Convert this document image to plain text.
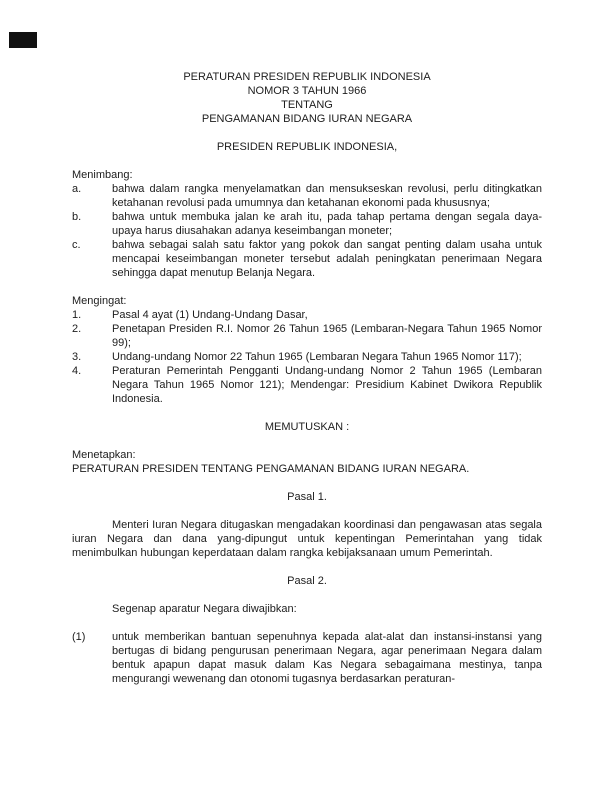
PERATURAN PRESIDEN REPUBLIK INDONESIA
NOMOR 3 TAHUN 1966
TENTANG
PENGAMANAN BIDANG IURAN NEGARA
PRESIDEN REPUBLIK INDONESIA,
Menimbang:
a.	bahwa dalam rangka menyelamatkan dan mensukseskan revolusi, perlu ditingkatkan ketahanan revolusi pada umumnya dan ketahanan ekonomi pada khususnya;
b.	bahwa untuk membuka jalan ke arah itu, pada tahap pertama dengan segala daya-upaya harus diusahakan adanya keseimbangan moneter;
c.	bahwa sebagai salah satu faktor yang pokok dan sangat penting dalam usaha untuk mencapai keseimbangan moneter tersebut adalah peningkatan penerimaan Negara sehingga dapat menutup Belanja Negara.
Mengingat:
1.	Pasal 4 ayat (1) Undang-Undang Dasar,
2.	Penetapan Presiden R.I. Nomor 26 Tahun 1965 (Lembaran-Negara Tahun 1965 Nomor 99);
3.	Undang-undang Nomor 22 Tahun 1965 (Lembaran Negara Tahun 1965 Nomor 117);
4.	Peraturan Pemerintah Pengganti Undang-undang Nomor 2 Tahun 1965 (Lembaran Negara Tahun 1965 Nomor 121); Mendengar: Presidium Kabinet Dwikora Republik Indonesia.
MEMUTUSKAN :
Menetapkan:
PERATURAN PRESIDEN TENTANG PENGAMANAN BIDANG IURAN NEGARA.
Pasal 1.

Menteri Iuran Negara ditugaskan mengadakan koordinasi dan pengawasan atas segala iuran Negara dan dana yang-dipungut untuk kepentingan Pemerintahan yang tidak menimbulkan hubungan keperdataan dalam rangka kebijaksanaan umum Pemerintah.

Pasal 2.

Segenap aparatur Negara diwajibkan:

(1)	untuk memberikan bantuan sepenuhnya kepada alat-alat dan instansi-instansi yang bertugas di bidang pengurusan penerimaan Negara, agar penerimaan Negara dalam bentuk apapun dapat masuk dalam Kas Negara sebagaimana mestinya, tanpa mengurangi wewenang dan otonomi tugasnya berdasarkan peraturan-
